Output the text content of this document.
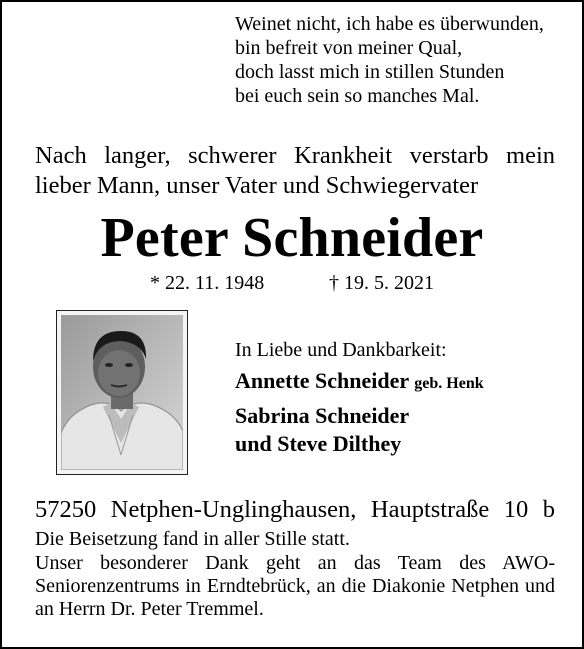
Weinet nicht, ich habe es überwunden,
bin befreit von meiner Qual,
doch lasst mich in stillen Stunden
bei euch sein so manches Mal.
Nach langer, schwerer Krankheit verstarb mein lieber Mann, unser Vater und Schwiegervater
Peter Schneider
* 22. 11. 1948	† 19. 5. 2021
In Liebe und Dankbarkeit:
Annette Schneider geb. Henk
Sabrina Schneider
und Steve Dilthey
57250 Netphen-Unglinghausen, Hauptstraße 10 b
Die Beisetzung fand in aller Stille statt.
Unser besonderer Dank geht an das Team des AWO-Seniorenzentrums in Erndtebrück, an die Diakonie Netphen und an Herrn Dr. Peter Tremmel.
